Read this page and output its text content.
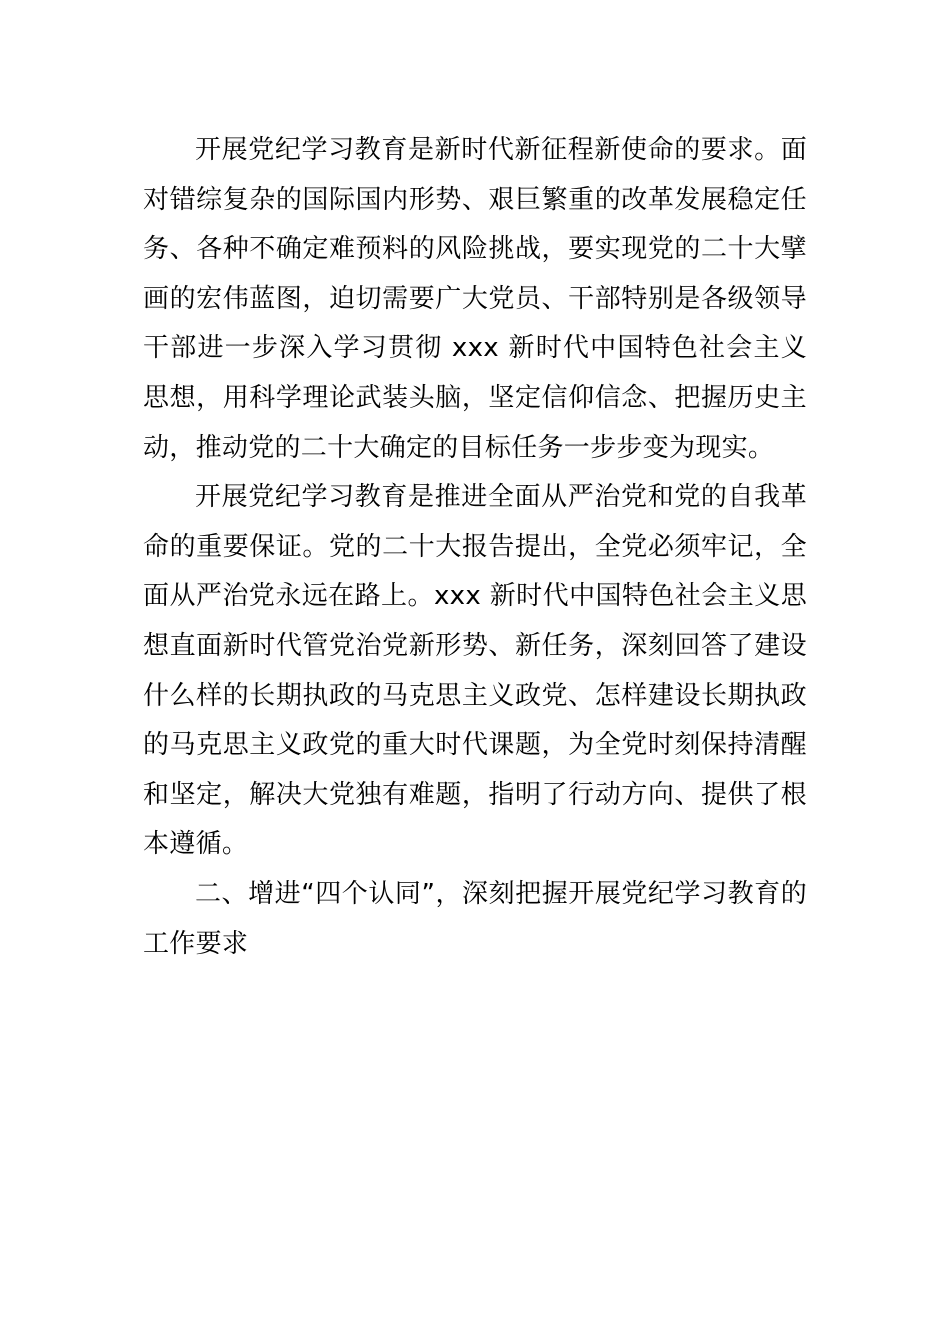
开展党纪学习教育是新时代新征程新使命的要求。面对错综复杂的国际国内形势、艰巨繁重的改革发展稳定任务、各种不确定难预料的风险挑战，要实现党的二十大擘画的宏伟蓝图，迫切需要广大党员、干部特别是各级领导干部进一步深入学习贯彻 xxx 新时代中国特色社会主义思想，用科学理论武装头脑，坚定信仰信念、把握历史主动，推动党的二十大确定的目标任务一步步变为现实。

开展党纪学习教育是推进全面从严治党和党的自我革命的重要保证。党的二十大报告提出，全党必须牢记，全面从严治党永远在路上。xxx 新时代中国特色社会主义思想直面新时代管党治党新形势、新任务，深刻回答了建设什么样的长期执政的马克思主义政党、怎样建设长期执政的马克思主义政党的重大时代课题，为全党时刻保持清醒和坚定，解决大党独有难题，指明了行动方向、提供了根本遵循。

二、增进“四个认同”，深刻把握开展党纪学习教育的工作要求
